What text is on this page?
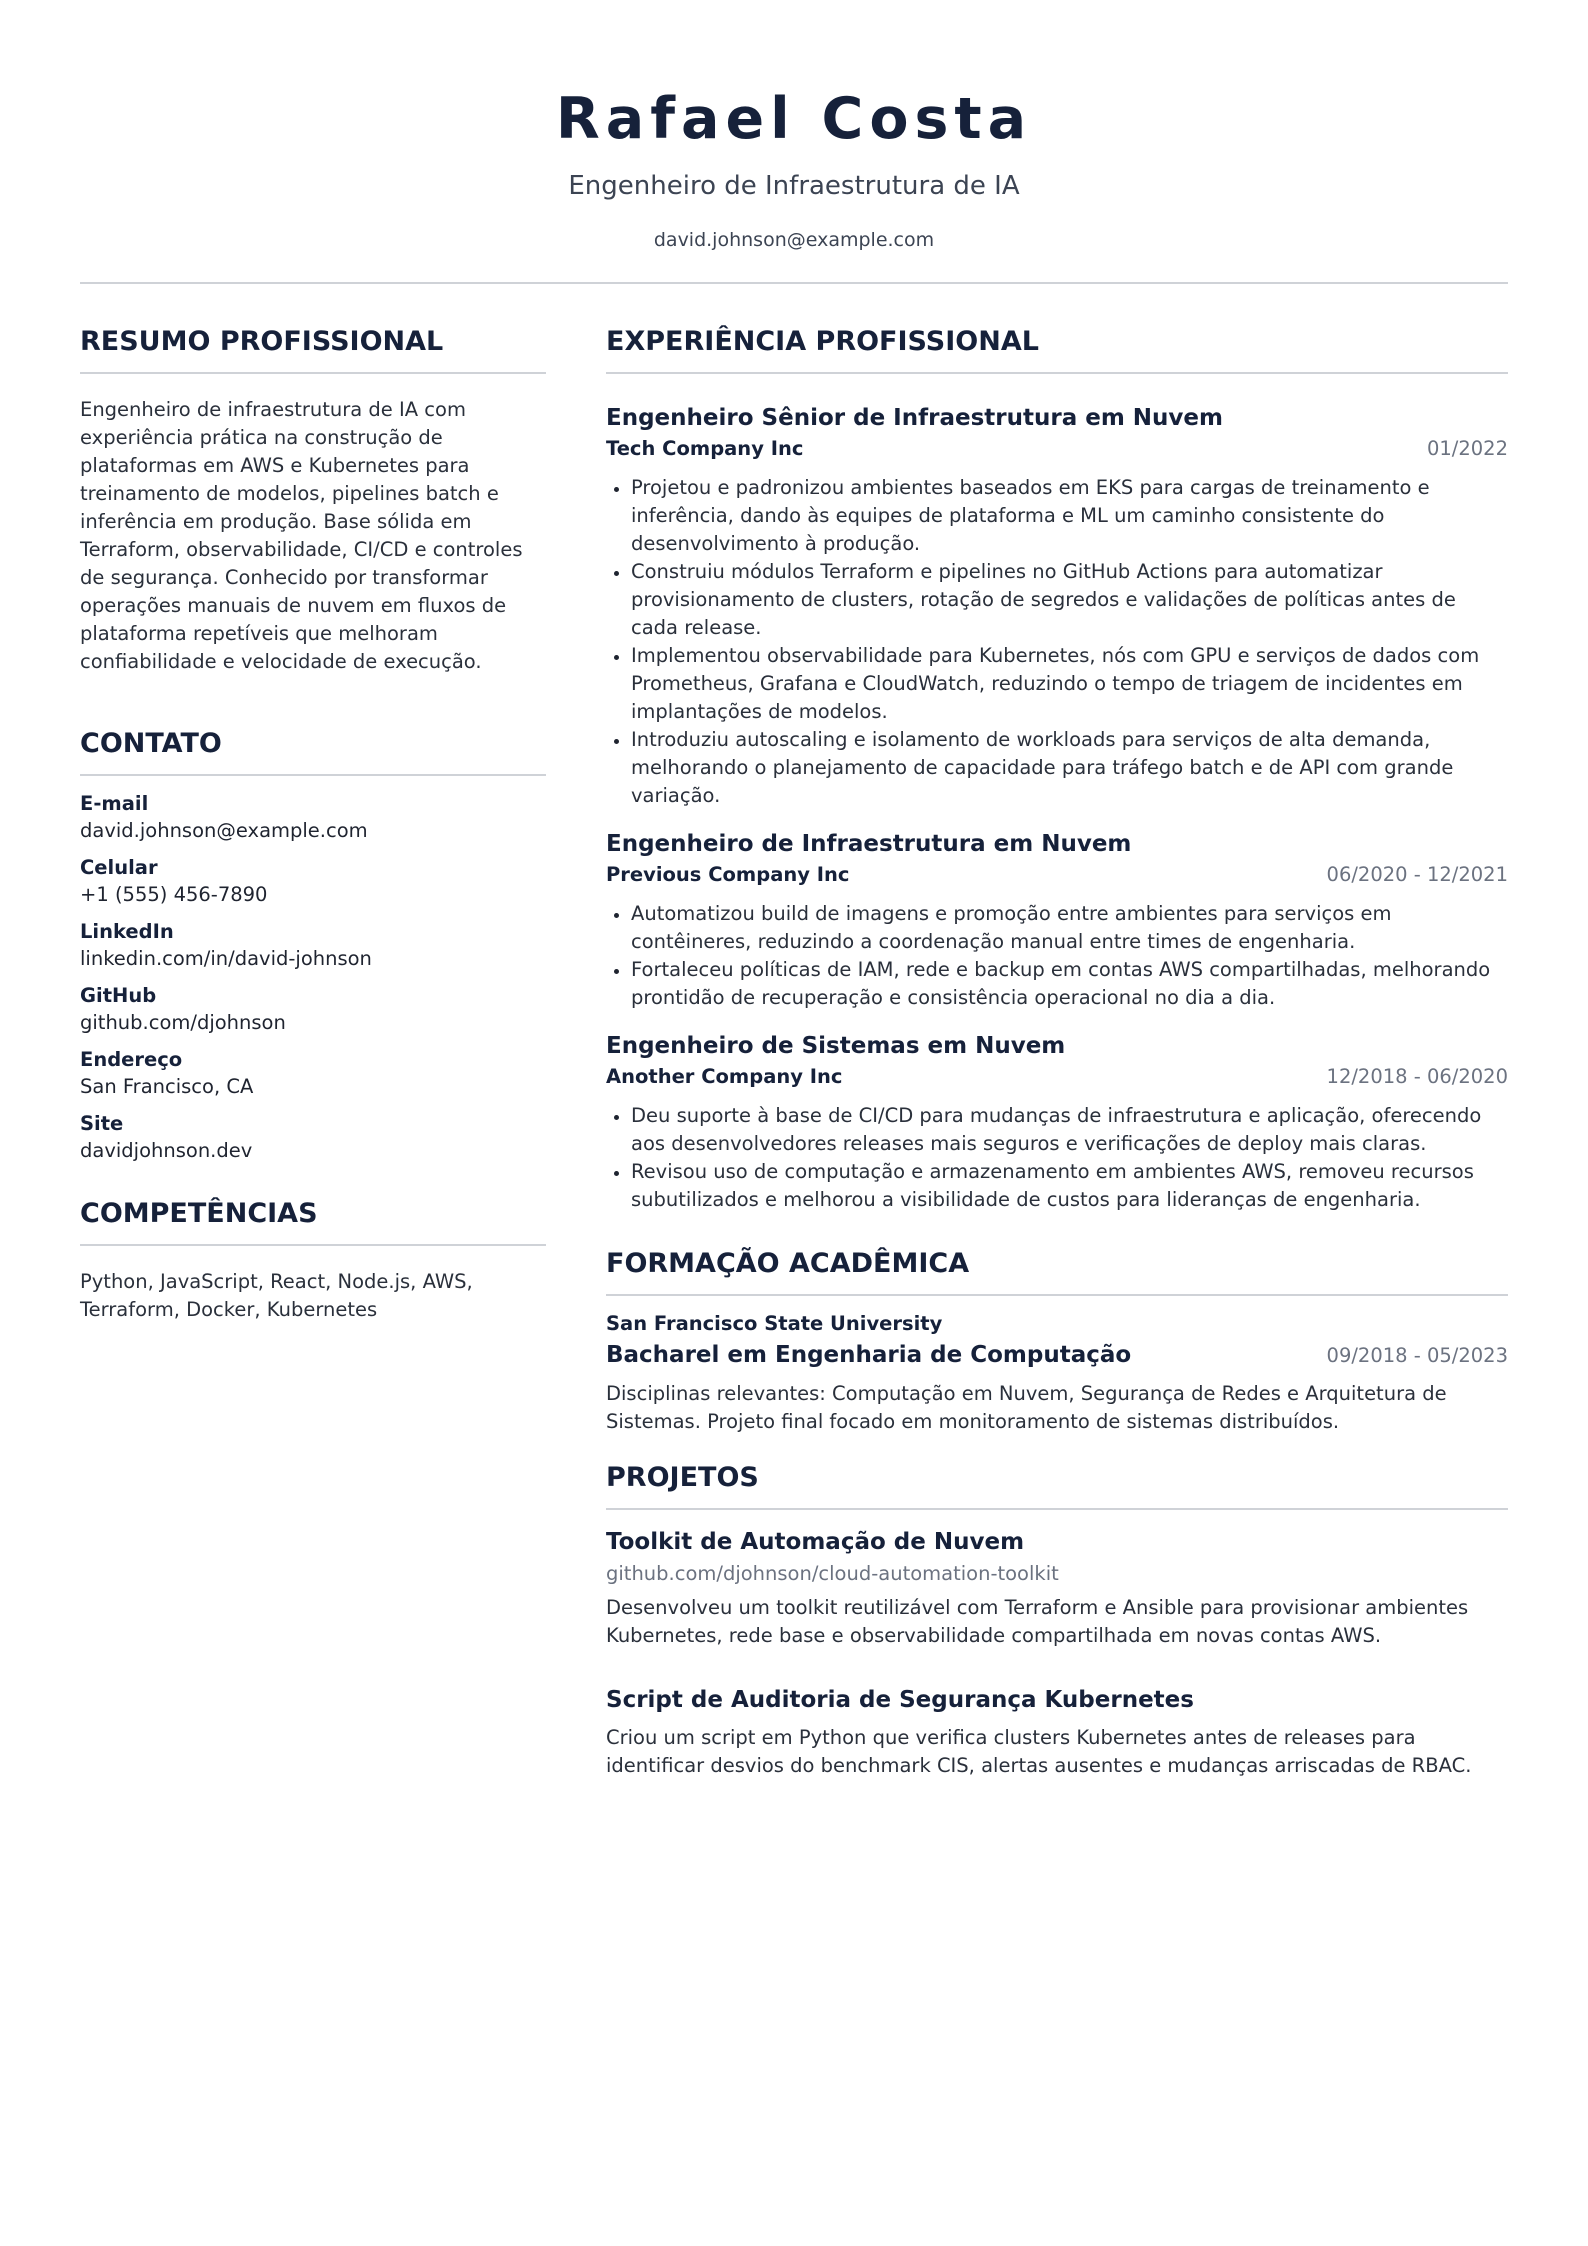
Rafael Costa
Engenheiro de Infraestrutura de IA
david.johnson@example.com
RESUMO PROFISSIONAL

Engenheiro de infraestrutura de IA com experiência prática na construção de plataformas em AWS e Kubernetes para treinamento de modelos, pipelines batch e inferência em produção. Base sólida em Terraform, observabilidade, CI/CD e controles de segurança. Conhecido por transformar operações manuais de nuvem em fluxos de plataforma repetíveis que melhoram confiabilidade e velocidade de execução.

CONTATO
E-mail
david.johnson@example.com
Celular
+1 (555) 456-7890
LinkedIn
linkedin.com/in/david-johnson
GitHub
github.com/djohnson
Endereço
San Francisco, CA
Site
davidjohnson.dev
COMPETÊNCIAS

Python, JavaScript, React, Node.js, AWS, Terraform, Docker, Kubernetes

EXPERIÊNCIA PROFISSIONAL
Engenheiro Sênior de Infraestrutura em Nuvem
Tech Company Inc	01/2022
Projetou e padronizou ambientes baseados em EKS para cargas de treinamento e inferência, dando às equipes de plataforma e ML um caminho consistente do desenvolvimento à produção.
Construiu módulos Terraform e pipelines no GitHub Actions para automatizar provisionamento de clusters, rotação de segredos e validações de políticas antes de cada release.
Implementou observabilidade para Kubernetes, nós com GPU e serviços de dados com Prometheus, Grafana e CloudWatch, reduzindo o tempo de triagem de incidentes em implantações de modelos.
Introduziu autoscaling e isolamento de workloads para serviços de alta demanda, melhorando o planejamento de capacidade para tráfego batch e de API com grande variação.
Engenheiro de Infraestrutura em Nuvem
Previous Company Inc	06/2020 - 12/2021
Automatizou build de imagens e promoção entre ambientes para serviços em contêineres, reduzindo a coordenação manual entre times de engenharia.
Fortaleceu políticas de IAM, rede e backup em contas AWS compartilhadas, melhorando prontidão de recuperação e consistência operacional no dia a dia.
Engenheiro de Sistemas em Nuvem
Another Company Inc	12/2018 - 06/2020
Deu suporte à base de CI/CD para mudanças de infraestrutura e aplicação, oferecendo aos desenvolvedores releases mais seguros e verificações de deploy mais claras.
Revisou uso de computação e armazenamento em ambientes AWS, removeu recursos subutilizados e melhorou a visibilidade de custos para lideranças de engenharia.
FORMAÇÃO ACADÊMICA
San Francisco State University
Bacharel em Engenharia de Computação	09/2018 - 05/2023

Disciplinas relevantes: Computação em Nuvem, Segurança de Redes e Arquitetura de Sistemas. Projeto final focado em monitoramento de sistemas distribuídos.

PROJETOS
Toolkit de Automação de Nuvem
github.com/djohnson/cloud-automation-toolkit

Desenvolveu um toolkit reutilizável com Terraform e Ansible para provisionar ambientes Kubernetes, rede base e observabilidade compartilhada em novas contas AWS.

Script de Auditoria de Segurança Kubernetes

Criou um script em Python que verifica clusters Kubernetes antes de releases para identificar desvios do benchmark CIS, alertas ausentes e mudanças arriscadas de RBAC.
